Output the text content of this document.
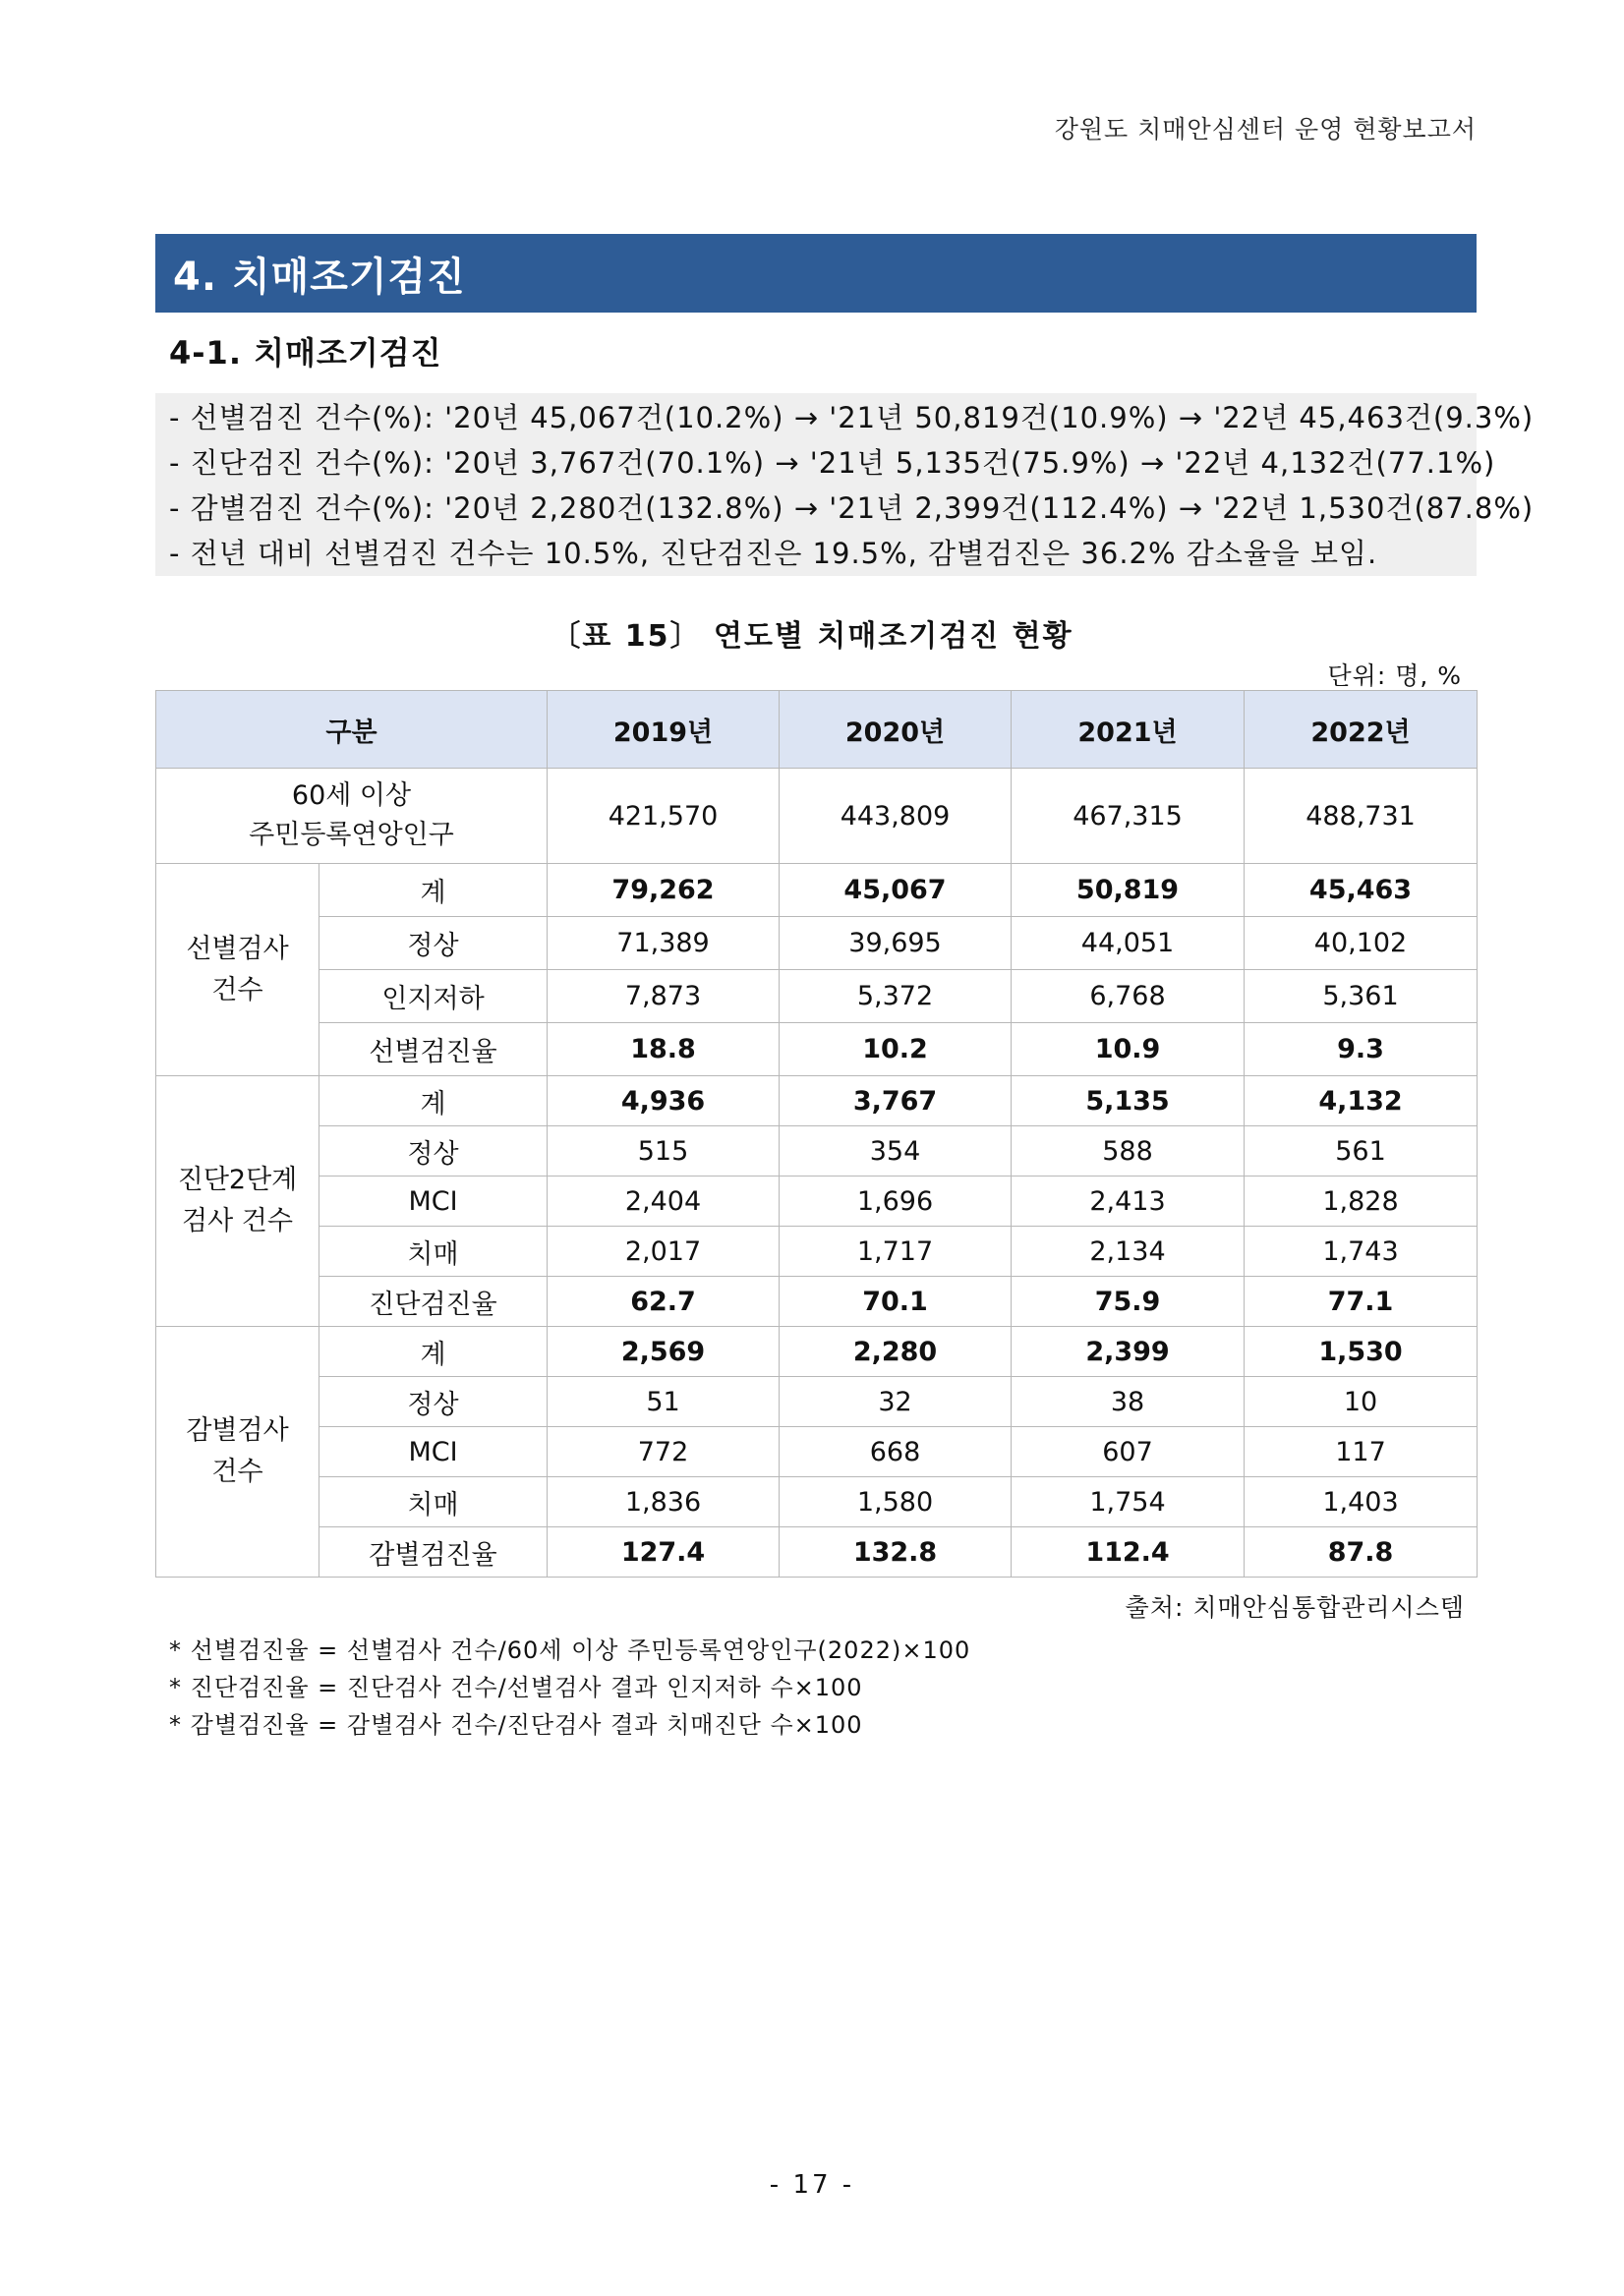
강원도 치매안심센터 운영 현황보고서
4. 치매조기검진
4-1. 치매조기검진
- 선별검진 건수(%): '20년 45,067건(10.2%) → '21년 50,819건(10.9%) → '22년 45,463건(9.3%)
- 진단검진 건수(%): '20년 3,767건(70.1%) → '21년 5,135건(75.9%) → '22년 4,132건(77.1%)
- 감별검진 건수(%): '20년 2,280건(132.8%) → '21년 2,399건(112.4%) → '22년 1,530건(87.8%)
- 전년 대비 선별검진 건수는 10.5%, 진단검진은 19.5%, 감별검진은 36.2% 감소율을 보임.
〔표 15〕 연도별 치매조기검진 현황
단위: 명, %
구분		2019년	2020년	2021년	2022년

60세 이상
주민등록연앙인구		421,570	443,809	467,315	488,731

선별검사
건수	계	79,262	45,067	50,819	45,463
	정상	71,389	39,695	44,051	40,102
	인지저하	7,873	5,372	6,768	5,361
	선별검진율	18.8	10.2	10.9	9.3

진단2단계
검사 건수	계	4,936	3,767	5,135	4,132
	정상	515	354	588	561
	MCI	2,404	1,696	2,413	1,828
	치매	2,017	1,717	2,134	1,743
	진단검진율	62.7	70.1	75.9	77.1

감별검사
건수	계	2,569	2,280	2,399	1,530
	정상	51	32	38	10
	MCI	772	668	607	117
	치매	1,836	1,580	1,754	1,403
	감별검진율	127.4	132.8	112.4	87.8
출처: 치매안심통합관리시스템
* 선별검진율 = 선별검사 건수/60세 이상 주민등록연앙인구(2022)×100
* 진단검진율 = 진단검사 건수/선별검사 결과 인지저하 수×100
* 감별검진율 = 감별검사 건수/진단검사 결과 치매진단 수×100
- 17 -
